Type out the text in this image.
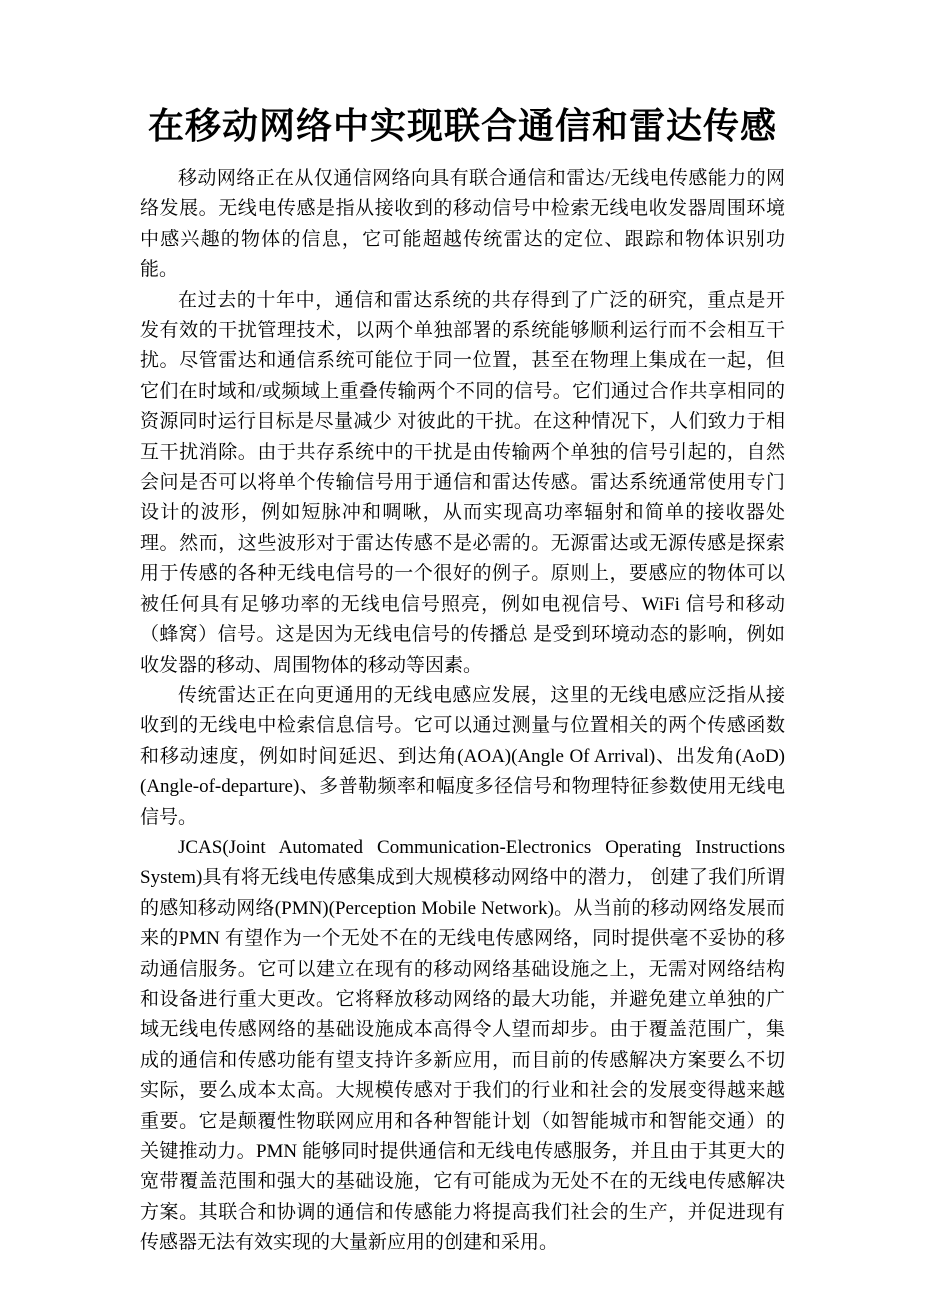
在移动网络中实现联合通信和雷达传感

移动网络正在从仅通信网络向具有联合通信和雷达/无线电传感能力的网络发展。无线电传感是指从接收到的移动信号中检索无线电收发器周围环境中感兴趣的物体的信息，它可能超越传统雷达的定位、跟踪和物体识别功能。

在过去的十年中，通信和雷达系统的共存得到了广泛的研究，重点是开发有效的干扰管理技术，以两个单独部署的系统能够顺利运行而不会相互干扰。尽管雷达和通信系统可能位于同一位置，甚至在物理上集成在一起，但它们在时域和/或频域上重叠传输两个不同的信号。它们通过合作共享相同的资源同时运行目标是尽量减少 对彼此的干扰。在这种情况下，人们致力于相互干扰消除。由于共存系统中的干扰是由传输两个单独的信号引起的，自然会问是否可以将单个传输信号用于通信和雷达传感。雷达系统通常使用专门设计的波形，例如短脉冲和啁啾，从而实现高功率辐射和简单的接收器处理。然而，这些波形对于雷达传感不是必需的。无源雷达或无源传感是探索用于传感的各种无线电信号的一个很好的例子。原则上，要感应的物体可以被任何具有足够功率的无线电信号照亮，例如电视信号、WiFi 信号和移动（蜂窝）信号。这是因为无线电信号的传播总 是受到环境动态的影响，例如收发器的移动、周围物体的移动等因素。

传统雷达正在向更通用的无线电感应发展，这里的无线电感应泛指从接收到的无线电中检索信息信号。它可以通过测量与位置相关的两个传感函数和移动速度，例如时间延迟、到达角(AOA)(Angle Of Arrival)、出发角(AoD)(Angle-of-departure)、多普勒频率和幅度多径信号和物理特征参数使用无线电信号。

JCAS(Joint Automated Communication-Electronics Operating Instructions System)具有将无线电传感集成到大规模移动网络中的潜力， 创建了我们所谓的感知移动网络(PMN)(Perception Mobile Network)。从当前的移动网络发展而来的PMN 有望作为一个无处不在的无线电传感网络，同时提供毫不妥协的移动通信服务。它可以建立在现有的移动网络基础设施之上，无需对网络结构和设备进行重大更改。它将释放移动网络的最大功能，并避免建立单独的广域无线电传感网络的基础设施成本高得令人望而却步。由于覆盖范围广，集成的通信和传感功能有望支持许多新应用，而目前的传感解决方案要么不切实际，要么成本太高。大规模传感对于我们的行业和社会的发展变得越来越重要。它是颠覆性物联网应用和各种智能计划（如智能城市和智能交通）的关键推动力。PMN 能够同时提供通信和无线电传感服务，并且由于其更大的宽带覆盖范围和强大的基础设施，它有可能成为无处不在的无线电传感解决方案。其联合和协调的通信和传感能力将提高我们社会的生产，并促进现有传感器无法有效实现的大量新应用的创建和采用。
